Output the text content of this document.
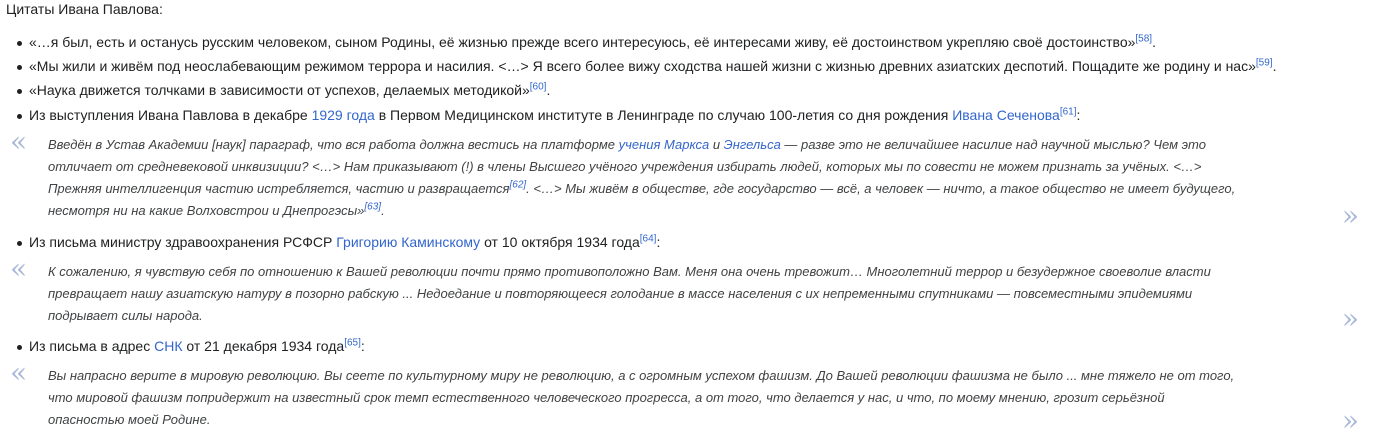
Цитаты Ивана Павлова:
«…я был, есть и останусь русским человеком, сыном Родины, её жизнью прежде всего интересуюсь, её интересами живу, её достоинством укрепляю своё достоинство»[58].
«Мы жили и живём под неослабевающим режимом террора и насилия. <…> Я всего более вижу сходства нашей жизни с жизнью древних азиатских деспотий. Пощадите же родину и нас»[59].
«Наука движется толчками в зависимости от успехов, делаемых методикой»[60].
Из выступления Ивана Павлова в декабре 1929 года в Первом Медицинском институте в Ленинграде по случаю 100-летия со дня рождения Ивана Сеченова[61]:
« Введён в Устав Академии [наук] параграф, что вся работа должна вестись на платформе учения Маркса и Энгельса — разве это не величайшее насилие над научной мыслью? Чем это
отличает от средневековой инквизиции? <…> Нам приказывают (!) в члены Высшего учёного учреждения избирать людей, которых мы по совести не можем признать за учёных. <…>
Прежняя интеллигенция частию истребляется, частию и развращается[62]. <…> Мы живём в обществе, где государство — всё, а человек — ничто, а такое общество не имеет будущего,
несмотря ни на какие Волховстрои и Днепрогэсы»[63].	»
Из письма министру здравоохранения РСФСР Григорию Каминскому от 10 октября 1934 года[64]:
« К сожалению, я чувствую себя по отношению к Вашей революции почти прямо противоположно Вам. Меня она очень тревожит… Многолетний террор и безудержное своеволие власти
превращает нашу азиатскую натуру в позорно рабскую ... Недоедание и повторяющееся голодание в массе населения с их непременными спутниками — повсеместными эпидемиями
подрывает силы народа.	»
Из письма в адрес СНК от 21 декабря 1934 года[65]:
« Вы напрасно верите в мировую революцию. Вы сеете по культурному миру не революцию, а с огромным успехом фашизм. До Вашей революции фашизма не было ... мне тяжело не от того,
что мировой фашизм попридержит на известный срок темп естественного человеческого прогресса, а от того, что делается у нас, и что, по моему мнению, грозит серьёзной
опасностью моей Родине.	»
